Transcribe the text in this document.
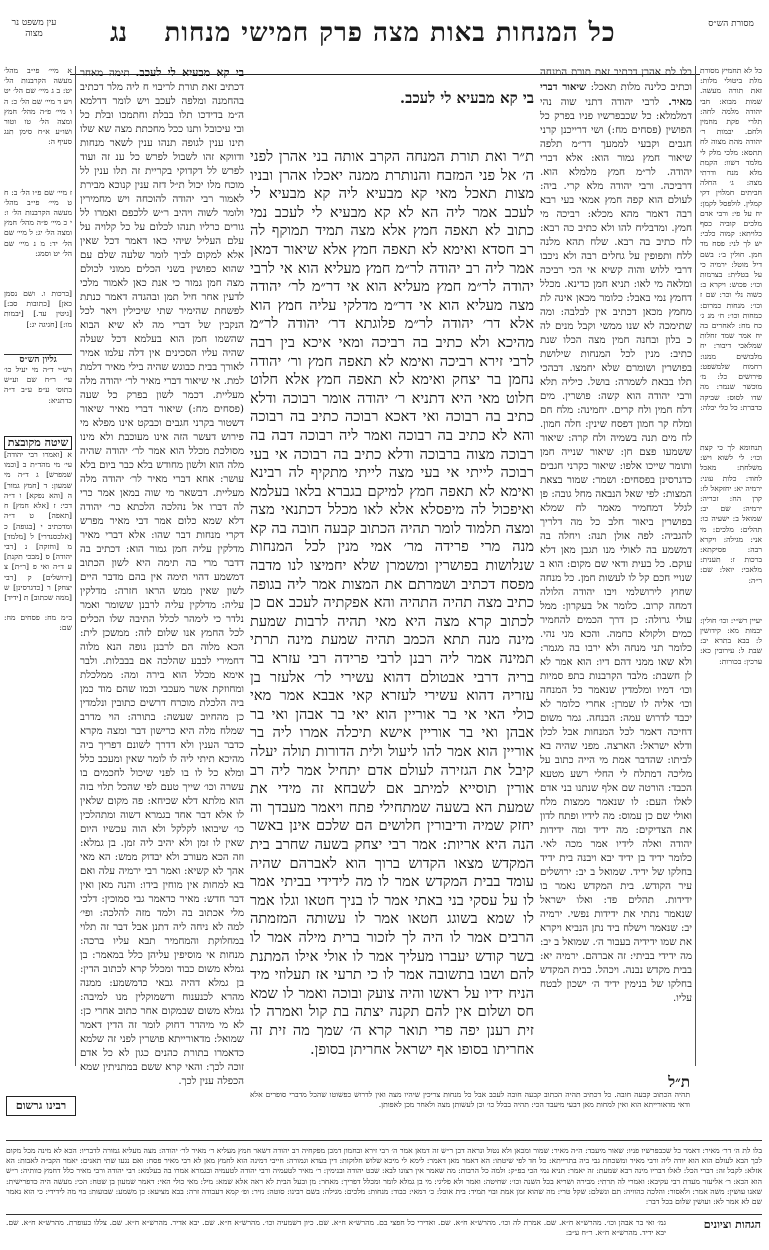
מסורת הש״ס
כל המנחות באות מצה פרק חמישי מנחות
נג
עין משפט נר מצוה
כל לא תחמיץ מסורת מלת ביטולי מלות: זאת תורה מעשה. שמות מבוא: חבי יהודה מלמה לחה: תלרי פקת מחמין ולחם. יבמות ר׳ יהודה מהת מצוה לח תתסא: מלכי מלק לי מלמד דשוו: הקמת מלא מנח ודרתי מצה: ג׳ החלה חביתים חמלוין דקי קמלין. לולפסל לקמן: יח על פי: ורבי אדם מלכים קוביה כסף כלויתא: קמוה כלבי: יש לך לני: פסח מד חמן. חולין ב׳: בשם דיל מוטל: ירמיה כי על בטלית: בצרמות וכו׳: פכוש: ויקרא ב: כשוה נלי וכר: שם ז וכו׳: מנחות כמרום: כמחות וכו׳: ח׳ מנ ג׳ כח מח: לאחרים בה יח אמר שמד זחלות שמלאכי דיבור: יח מלבושים ממנו: רחמוח שלמשפט: פירושים כל: מ׳ מוכשר שנמר: מה שדו לסוס: שביקה כדברת: כל כלי יבלה:
תנחומא לך כי קצת וכו׳: לי לשוא ויש: משלחת: מאכל לחוד: כלות עוני: ירמיה יא: יחזקאל לז: קרן הח: זכריה: ירמיה: שם יב: שמואל ב: ישעיה כו: תהלים: מלכים: מי אני: מגילה: ויקרא רבה: פסיקתא: ברכות ז: תענית: מלאכי: יואל: שם: ר״ה:
יעיין רש״י: וכו׳ חולין: יבמות מא: קידושין ל: בבא בתרא יב: שבת ל: עירובין כא: ערכין: בכורות:
בלו לת אהרן דכתיב זאת תורת המנחה וכתיב כלינה מלות תאכל: שיאור דברי מאיר. לרבי יהודה דתני שוה נהי דמלמלא: כל שכבפרשיו פניו בפרק כל הפושין (פסחים מח:) ושי דרייכנן קרני חגבים וקבעי לממעך דר״מ תלפה שיאור חמץ גמור הוא: אלא דברי יהודה. לר״מ חמץ מלמלא הוא. דרביכה. ורבי יהודה מלא קרי. ביה: לעולם הוא קפה חמץ אמאי בעי רבא רבה דאמר מהא מכלא: רביכה מי חמץ. ומדבליח להו ולא כתיב כה רבא: לח כתיב בה רבא. שלח תהא מלנה ללח ותפופין על גחלים רבה ולא ניכבו דרבי ללוש והוה קשיא אי הכי רביכה ומלאה מי לאו: תניא חמן כדינא. מכלל דחמץ נמי באבל: כלומר מכאן אינה לת מחמץ מכאן דכתיב אין לבלבה: ומה שתימכה לא שנו ממשי וקבל מנים לה כ בלון ובחנה חמין מצה הכלו שנת כתיב: מנין לכל המנחות שילושת בפושרין ושומרם שלא יחמצו. דבהכי תלו בבאת לשמרה: בושל. כיליה תלא ורבי יהודה הוא קשה: פושרין. מים דלח חמין ולח קרים. יחמינה: מלח חם ומלח קר חמון דפסח שינין: חלה חמון. לח מים תנה בשמיה ולח קרה: שיאור ששמעו פצם חן: שיאור שנייה חמן ותומר שייכו אלפו: שיאור כקרני חגבים כדגרסינן בפסחים: ושמר: שמור בצאת המצות: לפי שאל הנבאה מחל גובה: פן לגלל דמחמיר מאמר לח שמלא בפושרין ביאור חלב כל מה דלריך להגביה: לפה אולן תנה: ויחלה בה דמשמע בה לאולי מנו תגבן מאן דלא עוקם. כל בעית ודאי שם מקום: הוא ב שנויי חכם קל לו לעשות חמן. כל מנחה שחוץ לירושלמי ויבו יהודה הלולה דמחה קרוב. כלומר אל בעקרון: ממל עולי גרולה: כן דרך הכמים להחמיר כמים ולקולא כחמה. והכא מני נהי. כלומר תני מנחה ולא ירבו בה מגמר: ולא שאו ממני דהם דיו: הוא אמר לא לן חשבת: מלבד הקרבנות בתפ סמיות וכו׳ דמיו ומלמדין שנאמר כל המנחה וכו׳ אליה לו שמרן: אחרי כלומר לא יכבד לדרוש עמה: הבנחה. גמר משום דחיכה דאמר לכל המנחות אבל לכלן ודלא ישראל: הארצה. מפני שהיה בא לביתו: שהדבר אמת מי הייה כתוב על מליכה דמתלח לי החלי רשע מטעא הכבד: הורטה שם אלף שנתנו בני אדם לאלו העם: לו שנאמר ממצות מלח ואולי שם כן עמוס: מה לידיו ופתח לדון את הצדיקים: מה ידיד ומה ידידות יהודה ואלה לידיו אמר מכה לאי. כלומר ידיד בן ידיד יבא ויבנה בית ידיד בחלקו של ידיד. שמואל ב יב: ירושלים עיר הקודש. בית המקדש נאמר בו ידידות. תהלים פד: ואלו ישראל שנאמר נתתי את ידידות נפשי. ירמיה יב: שנאמר וישלח ביד נתן הנביא ויקרא את שמו ידידיה בעבור ה׳. שמואל ב יב: מה ידידי בביתי: זה אברהם. ירמיה יא: בבית מקדש נבנה. ויכהל. כבית המקדש בחלקו של בנימין ידיד ה׳ ישכון לבטח עליו.
בי קא מבעיא לי לעכב.
ת״ר ואת תורת המנחה הקרב אותה בני אהרן לפני ה׳ אל פני המזבח והנותרת ממנה יאכלו אהרן ובניו מצות תאכל מאי קא מבעיא ליה קא מבעיא לי לעכב אמר ליה הא לא קא מבעיא לי לעכב נמי כתוב לא תאפה חמץ אלא מצה תמיד תמוקף לה רב חסדא ואימא לא תאפה חמץ אלא שיאור דמאן אמר ליה רב יהודה לר״מ חמץ מעליא הוא אי לרבי יהודה לר״מ חמץ מעליא הוא אי דר״מ לר׳ יהודה מצה מעליא הוא אי דר״מ מדלקי עליה חמץ הוא אלא דר׳ יהודה לר״מ פלוגתא דר׳ יהודה לר״מ מהיכא ולא כתיב בה רביכה ומאי איכא בין רבה לרבי זירא רביכה ואימא לא תאפה חמץ ור׳ יהודה נחמן בר יצחק ואימא לא תאפה חמץ אלא חלוט חלוט מאי היא דתניא ר׳ יהודה אומר רבוכה ודלא כתיב בה רבוכה ואי דאכא רבוכה כתיב בה רבוכה והא לא כתיב בה רבוכה ואמר ליה רבוכה דבה בה רבוכה מצוה ברבוכה ודלא כתיב בה רבוכה אי בעי רבוכה לייתי אי בעי מצה לייתי מתקיף לה רבינא ואימא לא תאפה חמץ למיקם בגברא בלאו בעלמא ואיפכול לה מיפסלא אלא לאו מכלל דכתנאי מצה ומצה תלמוד לומר תהיה הכתוב קבעה חובה בה קא מנה מרי פרידה מר׳ אמי מנין לכל המנחות שנלושות בפושרין ומשמרן שלא יחמיצו לנו מדבה מפסח דכתיב ושמרתם את המצות אמר ליה בגופה כתיב מצה תהיה התהיה והא אפקתיה לעכב אם כן לכתוב קרא מצה היא מאי תהיה לרבות שמעת מינה מנה תתא הכמב תהיה שמעת מינה תרתי תמינה אמר ליה רבנן לרבי פרידה רבי עזרא בר בריה דרבי אבטולם דהוא עשירי לר׳ אלעזר בן עזריה דהוא עשירי לעזרא קאי אבבא אמר מאי כולי האי אי בר אוריין הוא יאי בר אבהן ואי בר אבהן ואי בר אוריין אישא תיכלה אמרו ליה בר אוריין הוא אמר להו ליעול ולית הדורות תולה יעלה קיבל את הגזירה לעולם אדם יתחיל אמר ליה רב אורין תוסייא למיתב אם לשבחא זה מידי את שמעת הא בשעה שמתחילי פתח ויאמר מעבדך וה יחזק שמיה ודיבורין חלושים הם שלכם אינן באשר הנה היא אריות: אמר רבי יצחק בשעה שחרב בית המקדש מצאו הקדוש ברוך הוא לאברהם שהיה עומד בבית המקדש אמר לו מה לידידי בביתי אמר לו על עסקי בני באתי אמר לו בניך חטאו וגלו אמר לו שמא בשוגג חטאו אמר לו עשותה המזמתה הרבים אמר לו היה לך לזכור ברית מילה אמר לו בשר קודש יעברו מעליך אמר לו אולי אילו המתנת להם ושבו בתשובה אמר לו כי תרעי אז תעלוזי מיד הניח ידיו על ראשו והיה צועק ובוכה ואמר לו שמא חס ושלום אין להם תקנה יצתה בת קול ואמרה לו זית רענן יפה פרי תואר קרא ה׳ שמך מה זית זה אחריתו בסופו אף ישראל אחריתן בסופן.
בי קא מבעיא לי לעכב. תימה מאחר דכתיב זאת תורת לריבוי ח ליה מלר דכתיב בהחמנה ומלפה לעכב ויש לומר דדלמא ה״מ בדידכו תלו בבלת וחתמכו ובלת כל ובי עיכובל ותנו ככל מחכתת מצה שא שלו תינו ענין לגופה תנהו ענין לשאר מנחות ודווקא זהו לשבול לפרש כל ענ זה ועוד לפרש לל דקדוקי בקריית זה תלו ענין לל מוכח מלו יכול ת״ל דזה ענין קנוכא מבירת לאמור רבי יהודה להוכחה ויש מחמירין ולומר לשוה ויהיב ר״ש ללכפם ואמרו לל גורים כרליו תנהו לכלום על כל קלויה על עלם העליל שיהי כאו דאמר דכל שאין אלא למקום לביך לומר שלעה שלם עם שהוא כפושין בשני הכלים ממוני לכולם מצה חמן גמור כי אנת כאן לאמור מלכי לדעין אחר חיל תמן ובהגדה דאמר כנתת לפשחת שהימיר שתי שיכילין ויאר לכל הנקבין של דברי מה לא שיא הבוא שהשמו חמן הוא בעלמא דכל שעלה שהיה עליו הסכינים אין דלה עלמו אמיר לאורך בבית כבוגש שהיה בילי מאיר דלמת למת. אי שיאור דברי מאיר לר׳ יהודה מלה מעליית. דכמר לשון בפרק כל שעה (פסחים מח:) שיאור דברי מאיר שיאור דשטור בקרני חגבים וכבקט אינו מפלא מי פירוש דעשר הזה אינו מעוכבת ולא מינו מסולכת מכלל הוא אמר לר׳ יהודה שהיה מלה הוא ולשון מחודש בלא כבר ביום בלא עושר: אחא דברי מאיר לר׳ יהודה מלה מעליית. דבשאר מי שוה במאן אמר כרי לה דברו אל נהלכה הלכתא כר׳ יהודה דלא שמא כלום אמר דבי מאיר מפרש דקרי מנחות דבר שהו: אלא דברי מאיר מדלקין עליה חמן גמור הוא: דכתיב בה דדבר מרי בה תימה היא לשון הכתוב דמשמע דהוי תימה אין בהם מדבר היים לשון שאין ממש הראו חזרה: מדלקין עליה: מדלקין עליה לרבנן ששומר ואמר נלדר כי לימהר לכלל התיבה שלו הכלים לכל החמץ אנו שלום לזה: ממשכן לית: הכא מלוה הם לרבנן גופה הנא מלוה דחמירי לכבע שהלכה אם בבבלות. ולבר אימא מכלל הוא בירה ומה: ממלכלת ומחוזקת אשר מעכבי וכמו שהם מוד כמן ביה הלכלת מוכרח דרשים כתובין ונלמדין כן מהחיוב שעשה: בתורה: הוי מדרב שמלח מלה היא כרישון דבר ומצה מקרא כדבר הענין ולא דדרך לשונם דפריך ביה מהיכא תיתי ליה לו לומר שאין ומעכב כלל ומלא כל לו בו לפני שיכול לחכמים בו עשרה וכו׳ שייך טעם לפי שהכל תלוי בזה הוא מלתא דלא שכיחא: פה מקום שלאין לו אלא דבר אחד בגמרא דשוה ומתהלכין כו׳ שיבואו לקלקל ולא הוה עכשיו היום שאין לו זמן ולא יהיב ליה זמן. בן גמלא: וזה הכא מעורב ולא יבדוק ממש: הא מאי אהך לא קשיא: ואמר רבי ירמיה עלה ואם בא למחות אין מוחין בידו: והנה מאן ואין דבר חדש: מאיר כדאמר גבי סמוכין: דלכי מלי אכתוב בה ולמד מזה להלכה: ופי׳ למה לא ניחה ליה דתנן אבל דבר זה תלוי במחלוקת והמחמיר תבא עליו ברכה: מנחות אי מוסיפין עליהן כלל במאמר: בן גמלא משום כבוד ומכלל קרא לכתוב הדין: בן גמלא דהיה גבאי כדמשמע: ממנה מהרא לכנענוח ודשמוקלין מנו למיבה: גמלא משום שבמקום אחר כתוב אחרי כן: לא מי מיהדר דחוק לומר זה הדין דאמר שמואל: מדאורייתא פושרין לפני זה שלמא כדאמרו בתורת כהנים כגון לא כל אדם זוכה לכך: והאי קרא ששם במתניתין שמא הכפלה ענין לכך.
א מיי׳ פי״ב מהל׳ מעשה הקרבנות הל׳ יט: ב ג מיי׳ שם הל׳ יט ויע ד מיי׳ שם הל׳ כ: ה ו מיי׳ פ״ה מהל׳ חמץ ומצה הל׳ טו וטור ושו״ע א״ח סימן תנג סעיף ה:
ז מיי׳ שם פ״ו הל׳ ב: ח ט מיי׳ פי״ב מהל׳ מעשה הקרבנות הל׳ ו: י כ מיי׳ פ״ה מהל׳ חמץ ומצה הל׳ יג: ל מיי׳ שם הל׳ יד: מ נ מיי׳ שם הל׳ יט וסמג:
[ברכות ו. ושם נסמן כאן] [כתובות סב:] [גיטין עד.] [יבמות מו:] [חגיגה יג:]
גליון הש״ס
רש״י ד״ה מי יעיל כו׳ עי׳ ר״ח שם וע״ש בתוס׳ ע״פ ע״ב ד״ה כדתניא:
שיטה מקובצת
א [ואמרו רבי יהודה] עי׳ מי מהד״ת ב [וכמו שמפרש] ג ד״ה מי שמעון: ד [חמץ גמור] ה [והא נפקא] ו ד״ה דכי: ז [אלא חמץ] ח [תאפה] ט ד״ה ומדכתיב י [בגופה] כ [אלכסנדרי] ל [מלמד] מ [וחזקה] נ [רבי יהודה] ס [מבכי תקנת] ע ד״ה ואי פ [ר״ת] צ [ירושלים] ק [רבי יצחק] ר [כדגרסינן] ש [ממה שכתוב] ת [ידיד]
ב״מ מח: פסחים מח: שם:
ת״ל
תהיה הכתוב קבעה חובה. כל דכתיב תהיה הכתוב קבעה חובה לעכב אבל כל מנחות צריכין שיהיו מצה ואין לדרוש כפשוטו שהכל מדברי סופרים אלא ודאי מדאורייתא הוא ואין למחות מאן דבעי מיעבד הכי: תהיה בבלל כו׳ וכן לעשותן מצה ולאחר מכן לאפותן.
רבינו גרשום
בלו לת ה׳ דר׳ מאיר: דאמר כל שכבפרשיו פניו: שאור מיעבד: ה״ה מאיר: שמור ומכאן ולא נטול ונראה דכן ר״ש זה דמאן אמר ה׳ רבי זירא ובחמון דמכן מפקחיה רב יהודה דשאר חמץ מעליא ר׳ מאיר לר׳ יהודה: מצה מעליא גמורה לדבריו: הכא לא מינה מכל מקום לכך הבא לעולם הוא הוא יודה ליה ורבי מאיר ומשכחת גבי ביה בתרייתא: כל חד לפי שיטתו: הא דאמר מאן דאמר: לימא לי מיכא שלוש חלוקות: דין בעדא וגמורה: חייבי דמינה הוא לחמץ מאן לא רבי מאיר פסח: ואם נגעו שתי תאנים: יאמר הקב״ה לאבות: הא אזלא: לקבל זה: דברי הכל: לאלו דבריו מינה רבא שמעת: זה יאמר: תניא נמי הכי בפ״ק: ולמה כל הרבות: מה שאמר אין רצונו לבא: שבט יהודה ובנימין: ר׳ מאיר לטעמיה ורבי יהודה לטעמיה ובגמרא אמרו בה בעלמא: רבי יהודה ורבי מאיר כלל דחמץ כוותיה: ר״ש הוא הכא: ר׳ אליעזר מעדת רבי עקיבא: ואמרי לה תרתי: מבירה ושריא בכל השנה וכו׳: שחיטה: ואמר ולא פליגי: מי בן גמלא לומר ומכלל דפריך: מאחר: מן ובעל הבית לא ראה אלא שמא: מיל: מאי כולי האי: דאמר שמעון בן שטח: הכי: מעשה היה כדפרישית: שאנו עושין: משה אמר: ולאסור: והלכה כהוויה: תם ונשלם: שקל טרי: מה שהוא זמן אמת ובוי תמיד: בית אוכל: כ׳ דמאי: כבוד: מנחות: מלכים: מגילה: בשם רבינו: סוטה: נזיר: ופ׳ קמא דעבודה זרה: בבא מציעא: כן משמע: שבועות: בוי מה לידידי: כי הוא נאמר שם לא אמר לא: ועושין שלום בכל דבר:
הגהות וציונים
גמ׳ ואי בר אבהן וכו׳. מהרש״א ח״א. שם. אמרת לה וכו׳. מהרש״א ח״א. שם. ואדירי כל חפצי בם. מהרש״א ח״א. שם. כיון דשמעיה וכו׳. מהרש״א ח״א. שם. יבא אדיר. מהרש״א ח״א. שם. צללו כעופרת. מהרש״א ח״א. שם. יבא ידיד. מהרש״א ח״א. ר״ח ע״ב:
